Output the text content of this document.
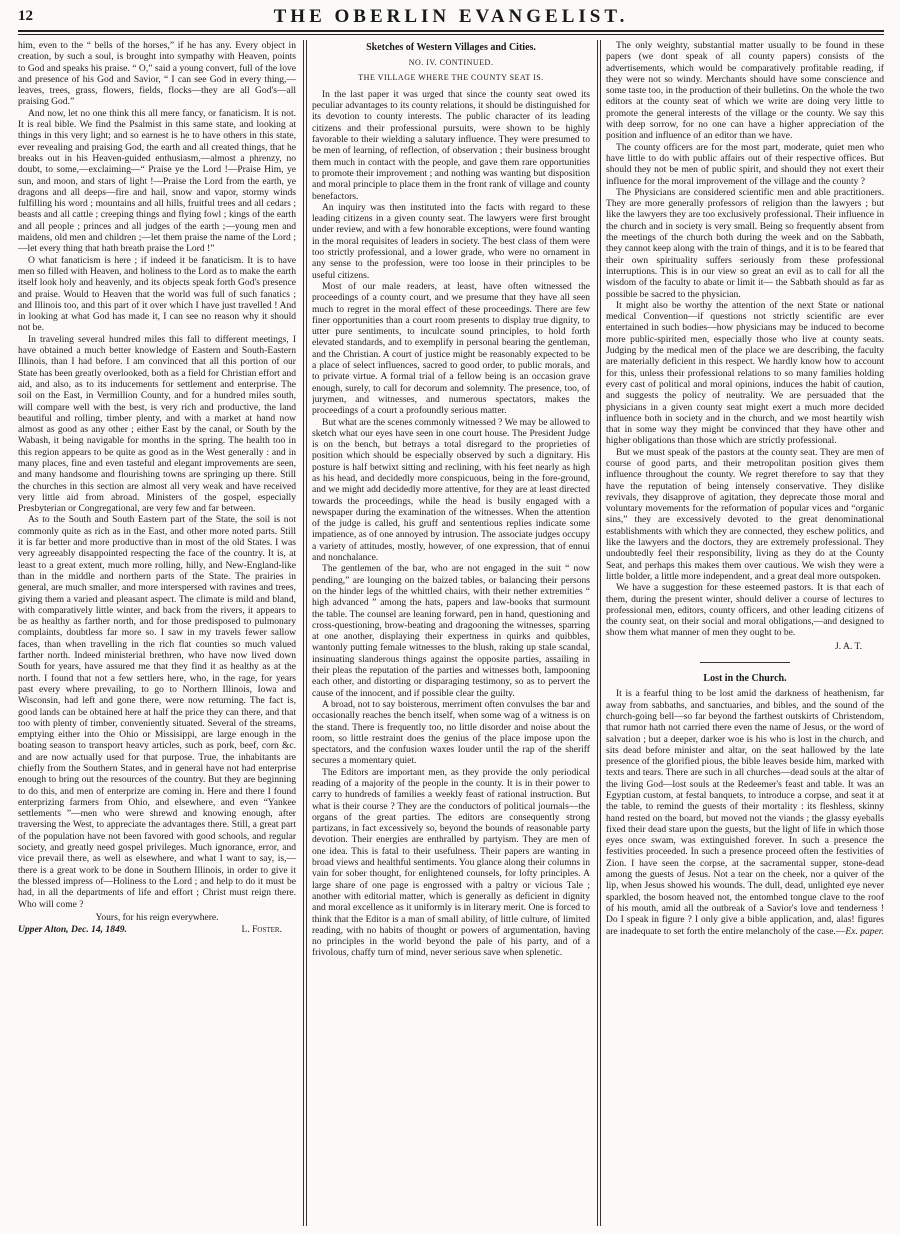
12	THE OBERLIN EVANGELIST.

him, even to the “ bells of the horses,” if he has any. Every object in creation, by such a soul, is brought into sympathy with Heaven, points to God and speaks his praise. “ O,” said a young convert, full of the love and presence of his God and Savior, “ I can see God in every thing,—leaves, trees, grass, flowers, fields, flocks—they are all God's—all praising God.”

And now, let no one think this all mere fancy, or fanaticism. It is not. It is real bible. We find the Psalmist in this same state, and looking at things in this very light; and so earnest is he to have others in this state, ever revealing and praising God, the earth and all created things, that he breaks out in his Heaven-guided enthusiasm,—almost a phrenzy, no doubt, to some,—exclaiming—“ Praise ye the Lord !—Praise Him, ye sun, and moon, and stars of light !—Praise the Lord from the earth, ye dragons and all deeps—fire and hail, snow and vapor, stormy winds fulfilling his word ; mountains and all hills, fruitful trees and all cedars ; beasts and all cattle ; creeping things and flying fowl ; kings of the earth and all people ; princes and all judges of the earth ;—young men and maidens, old men and children ;—let them praise the name of the Lord ;—let every thing that hath breath praise the Lord !”

O what fanaticism is here ; if indeed it be fanaticism. It is to have men so filled with Heaven, and holiness to the Lord as to make the earth itself look holy and heavenly, and its objects speak forth God's presence and praise. Would to Heaven that the world was full of such fanatics ; and Illinois too, and this part of it over which I have just travelled ! And in looking at what God has made it, I can see no reason why it should not be.

In traveling several hundred miles this fall to different meetings, I have obtained a much better knowledge of Eastern and South-Eastern Illinois, than I had before. I am convinced that all this portion of our State has been greatly overlooked, both as a field for Christian effort and aid, and also, as to its inducements for settlement and enterprise. The soil on the East, in Vermillion County, and for a hundred miles south, will compare well with the best, is very rich and productive, the land beautiful and rolling, timber plenty, and with a market at hand now almost as good as any other ; either East by the canal, or South by the Wabash, it being navigable for months in the spring. The health too in this region appears to be quite as good as in the West generally : and in many places, fine and even tasteful and elegant improvements are seen, and many handsome and flourishing towns are springing up there. Still the churches in this section are almost all very weak and have received very little aid from abroad. Ministers of the gospel, especially Presbyterian or Congregational, are very few and far between.

As to the South and South Eastern part of the State, the soil is not commonly quite as rich as in the East, and other more noted parts. Still it is far better and more productive than in most of the old States. I was very agreeably disappointed respecting the face of the country. It is, at least to a great extent, much more rolling, hilly, and New-England-like than in the middle and northern parts of the State. The prairies in general, are much smaller, and more interspersed with ravines and trees, giving them a varied and pleasant aspect. The climate is mild and bland, with comparatively little winter, and back from the rivers, it appears to be as healthy as farther north, and for those predisposed to pulmonary complaints, doubtless far more so. I saw in my travels fewer sallow faces, than when travelling in the rich flat counties so much valued farther north. Indeed ministerial brethren, who have now lived down South for years, have assured me that they find it as healthy as at the north. I found that not a few settlers here, who, in the rage, for years past every where prevailing, to go to Northern Illinois, Iowa and Wisconsin, had left and gone there, were now returning. The fact is, good lands can be obtained here at half the price they can there, and that too with plenty of timber, conveniently situated. Several of the streams, emptying either into the Ohio or Missisippi, are large enough in the boating season to transport heavy articles, such as pork, beef, corn &c. and are now actually used for that purpose. True, the inhabitants are chiefly from the Southern States, and in general have not had enterprise enough to bring out the resources of the country. But they are beginning to do this, and men of enterprize are coming in. Here and there I found enterprizing farmers from Ohio, and elsewhere, and even “Yankee settlements ”—men who were shrewd and knowing enough, after traversing the West, to appreciate the advantages there. Still, a great part of the population have not been favored with good schools, and regular society, and greatly need gospel privileges. Much ignorance, error, and vice prevail there, as well as elsewhere, and what I want to say, is,—there is a great work to be done in Southern Illinois, in order to give it the blessed impress of—Holiness to the Lord ; and help to do it must be had, in all the departments of life and effort ; Christ must reign there. Who will come ?

Yours, for his reign everywhere.
Upper Alton, Dec. 14, 1849.	L. Foster.
Sketches of Western Villages and Cities.
NO. IV. CONTINUED.
THE VILLAGE WHERE THE COUNTY SEAT IS.

In the last paper it was urged that since the county seat owed its peculiar advantages to its county relations, it should be distinguished for its devotion to county interests. The public character of its leading citizens and their professional pursuits, were shown to be highly favorable to their wielding a salutary influence. They were presumed to be men of learning, of reflection, of observation ; their business brought them much in contact with the people, and gave them rare opportunities to promote their improvement ; and nothing was wanting but disposition and moral principle to place them in the front rank of village and county benefactors.

An inquiry was then instituted into the facts with regard to these leading citizens in a given county seat. The lawyers were first brought under review, and with a few honorable exceptions, were found wanting in the moral requisites of leaders in society. The best class of them were too strictly professional, and a lower grade, who were no ornament in any sense to the profession, were too loose in their principles to be useful citizens.

Most of our male readers, at least, have often witnessed the proceedings of a county court, and we presume that they have all seen much to regret in the moral effect of these proceedings. There are few finer opportunities than a court room presents to display true dignity, to utter pure sentiments, to inculcate sound principles, to hold forth elevated standards, and to exemplify in personal bearing the gentleman, and the Christian. A court of justice might be reasonably expected to be a place of select influences, sacred to good order, to public morals, and to private virtue. A formal trial of a fellow being is an occasion grave enough, surely, to call for decorum and solemnity. The presence, too, of jurymen, and witnesses, and numerous spectators, makes the proceedings of a court a profoundly serious matter.

But what are the scenes commonly witnessed ? We may be allowed to sketch what our eyes have seen in one court house. The President Judge is on the bench, but betrays a total disregard to the proprieties of position which should be especially observed by such a dignitary. His posture is half betwixt sitting and reclining, with his feet nearly as high as his head, and decidedly more conspicuous, being in the fore-ground, and we might add decidedly more attentive, for they are at least directed towards the proceedings, while the head is busily engaged with a newspaper during the examination of the witnesses. When the attention of the judge is called, his gruff and sententious replies indicate some impatience, as of one annoyed by intrusion. The associate judges occupy a variety of attitudes, mostly, however, of one expression, that of ennui and nonchalance.

The gentlemen of the bar, who are not engaged in the suit “ now pending,” are lounging on the baized tables, or balancing their persons on the hinder legs of the whittled chairs, with their nether extremities “ high advanced ” among the hats, papers and law-books that surmount the table. The counsel are leaning forward, pen in hand, questioning and cross-questioning, brow-beating and dragooning the witnesses, sparring at one another, displaying their expertness in quirks and quibbles, wantonly putting female witnesses to the blush, raking up stale scandal, insinuating slanderous things against the opposite parties, assailing in their pleas the reputation of the parties and witnesses both, lampooning each other, and distorting or disparaging testimony, so as to pervert the cause of the innocent, and if possible clear the guilty.

A broad, not to say boisterous, merriment often convulses the bar and occasionally reaches the bench itself, when some wag of a witness is on the stand. There is frequently too, no little disorder and noise about the room, so little restraint does the genius of the place impose upon the spectators, and the confusion waxes louder until the rap of the sheriff secures a momentary quiet.

The Editors are important men, as they provide the only periodical reading of a majority of the people in the county. It is in their power to carry to hundreds of families a weekly feast of rational instruction. But what is their course ? They are the conductors of political journals—the organs of the great parties. The editors are consequently strong partizans, in fact excessively so, beyond the bounds of reasonable party devotion. Their energies are enthralled by partyism. They are men of one idea. This is fatal to their usefulness. Their papers are wanting in broad views and healthful sentiments. You glance along their columns in vain for sober thought, for enlightened counsels, for lofty principles. A large share of one page is engrossed with a paltry or vicious Tale ; another with editorial matter, which is generally as deficient in dignity and moral excellence as it uniformly is in literary merit. One is forced to think that the Editor is a man of small ability, of little culture, of limited reading, with no habits of thought or powers of argumentation, having no principles in the world beyond the pale of his party, and of a frivolous, chaffy turn of mind, never serious save when splenetic.

The only weighty, substantial matter usually to be found in these papers (we dont speak of all county papers) consists of the advertisements, which would be comparatively profitable reading, if they were not so windy. Merchants should have some conscience and some taste too, in the production of their bulletins. On the whole the two editors at the county seat of which we write are doing very little to promote the general interests of the village or the county. We say this with deep sorrow, for no one can have a higher appreciation of the position and influence of an editor than we have.

The county officers are for the most part, moderate, quiet men who have little to do with public affairs out of their respective offices. But should they not be men of public spirit, and should they not exert their influence for the moral improvement of the village and the county ?

The Physicians are considered scientific men and able practitioners. They are more generally professors of religion than the lawyers ; but like the lawyers they are too exclusively professional. Their influence in the church and in society is very small. Being so frequently absent from the meetings of the church both during the week and on the Sabbath, they cannot keep along with the train of things, and it is to be feared that their own spirituality suffers seriously from these professional interruptions. This is in our view so great an evil as to call for all the wisdom of the faculty to abate or limit it— the Sabbath should as far as possible be sacred to the physician.

It might also be worthy the attention of the next State or national medical Convention—if questions not strictly scientific are ever entertained in such bodies—how physicians may be induced to become more public-spirited men, especially those who live at county seats. Judging by the medical men of the place we are describing, the faculty are materially deficient in this respect. We hardly know how to account for this, unless their professional relations to so many families holding every cast of political and moral opinions, induces the habit of caution, and suggests the policy of neutrality. We are persuaded that the physicians in a given county seat might exert a much more decided influence both in society and in the church, and we most heartily wish that in some way they might be convinced that they have other and higher obligations than those which are strictly professional.

But we must speak of the pastors at the county seat. They are men of course of good parts, and their metropolitan position gives them influence throughout the county. We regret therefore to say that they have the reputation of being intensely conservative. They dislike revivals, they disapprove of agitation, they deprecate those moral and voluntary movements for the reformation of popular vices and “organic sins,” they are excessively devoted to the great denominational establishments with which they are connected, they eschew politics, and like the lawyers and the doctors, they are extremely professional. They undoubtedly feel their responsibility, living as they do at the County Seat, and perhaps this makes them over cautious. We wish they were a little bolder, a little more independent, and a great deal more outspoken.

We have a suggestion for these esteemed pastors. It is that each of them, during the present winter, should deliver a course of lectures to professional men, editors, county officers, and other leading citizens of the county seat, on their social and moral obligations,—and designed to show them what manner of men they ought to be.

J. A. T.
Lost in the Church.

It is a fearful thing to be lost amid the darkness of heathenism, far away from sabbaths, and sanctuaries, and bibles, and the sound of the church-going bell—so far beyond the farthest outskirts of Christendom, that rumor hath not carried there even the name of Jesus, or the word of salvation ; but a deeper, darker woe is his who is lost in the church, and sits dead before minister and altar, on the seat hallowed by the late presence of the glorified pious, the bible leaves beside him, marked with texts and tears. There are such in all churches—dead souls at the altar of the living God—lost souls at the Redeemer's feast and table. It was an Egyptian custom, at festal banquets, to introduce a corpse, and seat it at the table, to remind the guests of their mortality : its fleshless, skinny hand rested on the board, but moved not the viands ; the glassy eyeballs fixed their dead stare upon the guests, but the light of life in which those eyes once swam, was extinguished forever. In such a presence the festivities proceeded. In such a presence proceed often the festivities of Zion. I have seen the corpse, at the sacramental supper, stone-dead among the guests of Jesus. Not a tear on the cheek, nor a quiver of the lip, when Jesus showed his wounds. The dull, dead, unlighted eye never sparkled, the bosom heaved not, the entombed tongue clave to the roof of his mouth, amid all the outbreak of a Savior's love and tenderness ! Do I speak in figure ? I only give a bible application, and, alas! figures are inadequate to set forth the entire melancholy of the case.—Ex. paper.
